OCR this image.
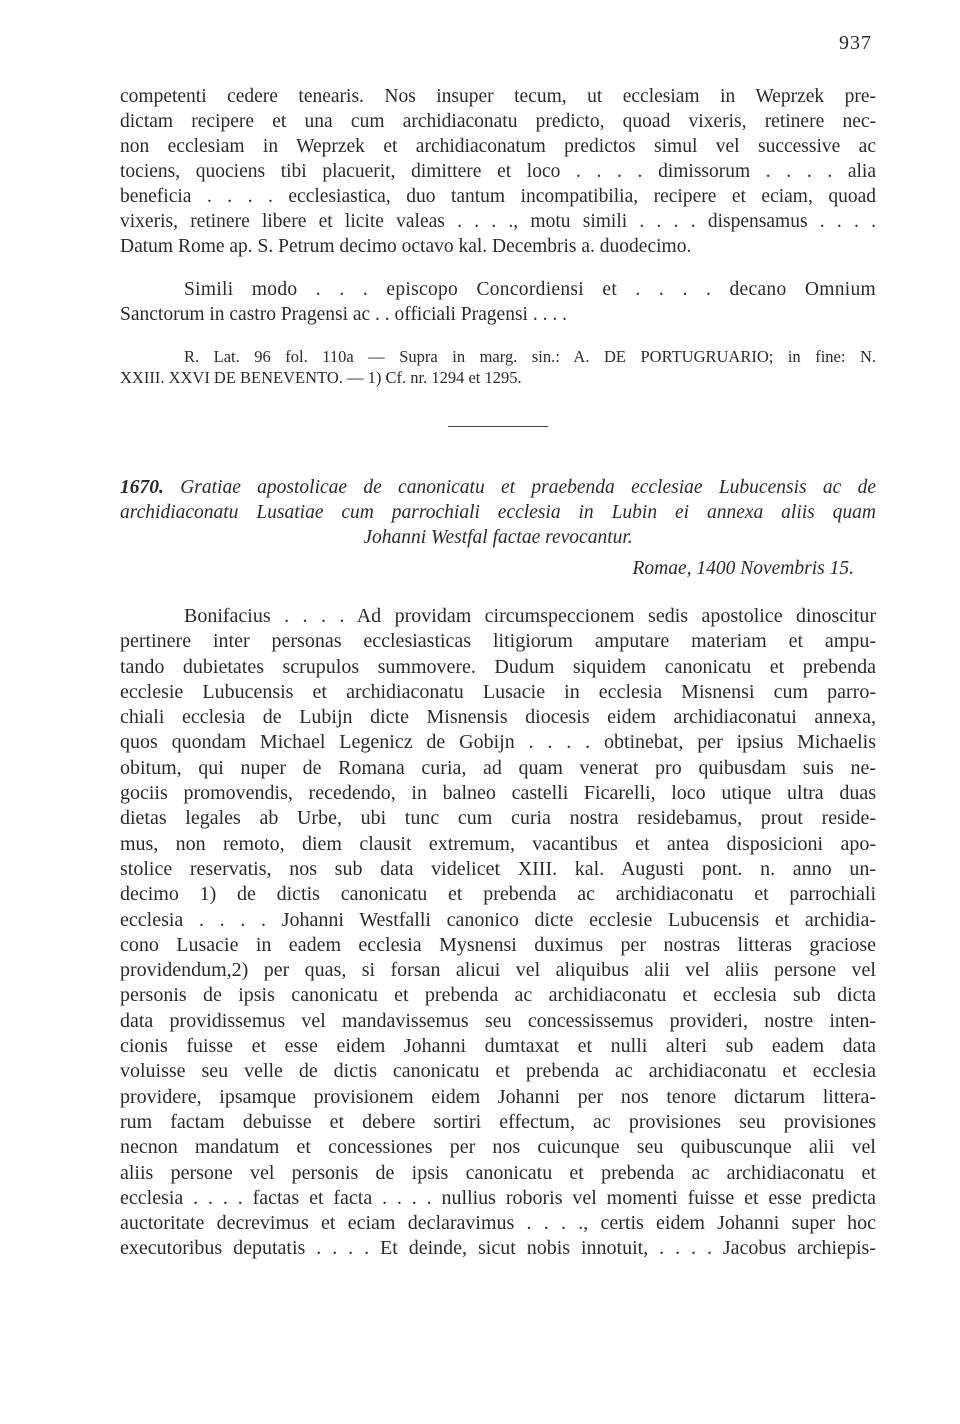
937
competenti cedere tenearis. Nos insuper tecum, ut ecclesiam in Weprzek pre-
dictam recipere et una cum archidiaconatu predicto, quoad vixeris, retinere nec-
non ecclesiam in Weprzek et archidiaconatum predictos simul vel successive ac
tociens, quociens tibi placuerit, dimittere et loco . . . . dimissorum . . . . alia
beneficia . . . . ecclesiastica, duo tantum incompatibilia, recipere et eciam, quoad
vixeris, retinere libere et licite valeas . . . ., motu simili . . . . dispensamus . . . .
Datum Rome ap. S. Petrum decimo octavo kal. Decembris a. duodecimo.
Simili modo . . . episcopo Concordiensi et . . . . decano Omnium
Sanctorum in castro Pragensi ac . . officiali Pragensi . . . .
R. Lat. 96 fol. 110a — Supra in marg. sin.: A. DE PORTUGRUARIO; in fine: N.
XXIII. XXVI DE BENEVENTO. — 1) Cf. nr. 1294 et 1295.
1670. Gratiae apostolicae de canonicatu et praebenda ecclesiae Lubucensis ac de
archidiaconatu Lusatiae cum parrochiali ecclesia in Lubin ei annexa aliis quam
Johanni Westfal factae revocantur.
Romae, 1400 Novembris 15.
Bonifacius . . . . Ad providam circumspeccionem sedis apostolice dinoscitur
pertinere inter personas ecclesiasticas litigiorum amputare materiam et ampu-
tando dubietates scrupulos summovere. Dudum siquidem canonicatu et prebenda
ecclesie Lubucensis et archidiaconatu Lusacie in ecclesia Misnensi cum parro-
chiali ecclesia de Lubijn dicte Misnensis diocesis eidem archidiaconatui annexa,
quos quondam Michael Legenicz de Gobijn . . . . obtinebat, per ipsius Michaelis
obitum, qui nuper de Romana curia, ad quam venerat pro quibusdam suis ne-
gociis promovendis, recedendo, in balneo castelli Ficarelli, loco utique ultra duas
dietas legales ab Urbe, ubi tunc cum curia nostra residebamus, prout reside-
mus, non remoto, diem clausit extremum, vacantibus et antea disposicioni apo-
stolice reservatis, nos sub data videlicet XIII. kal. Augusti pont. n. anno un-
decimo 1) de dictis canonicatu et prebenda ac archidiaconatu et parrochiali
ecclesia . . . . Johanni Westfalli canonico dicte ecclesie Lubucensis et archidia-
cono Lusacie in eadem ecclesia Mysnensi duximus per nostras litteras graciose
providendum,2) per quas, si forsan alicui vel aliquibus alii vel aliis persone vel
personis de ipsis canonicatu et prebenda ac archidiaconatu et ecclesia sub dicta
data providissemus vel mandavissemus seu concessissemus provideri, nostre inten-
cionis fuisse et esse eidem Johanni dumtaxat et nulli alteri sub eadem data
voluisse seu velle de dictis canonicatu et prebenda ac archidiaconatu et ecclesia
providere, ipsamque provisionem eidem Johanni per nos tenore dictarum littera-
rum factam debuisse et debere sortiri effectum, ac provisiones seu provisiones
necnon mandatum et concessiones per nos cuicunque seu quibuscunque alii vel
aliis persone vel personis de ipsis canonicatu et prebenda ac archidiaconatu et
ecclesia . . . . factas et facta . . . . nullius roboris vel momenti fuisse et esse predicta
auctoritate decrevimus et eciam declaravimus . . . ., certis eidem Johanni super hoc
executoribus deputatis . . . . Et deinde, sicut nobis innotuit, . . . . Jacobus archiepis-
